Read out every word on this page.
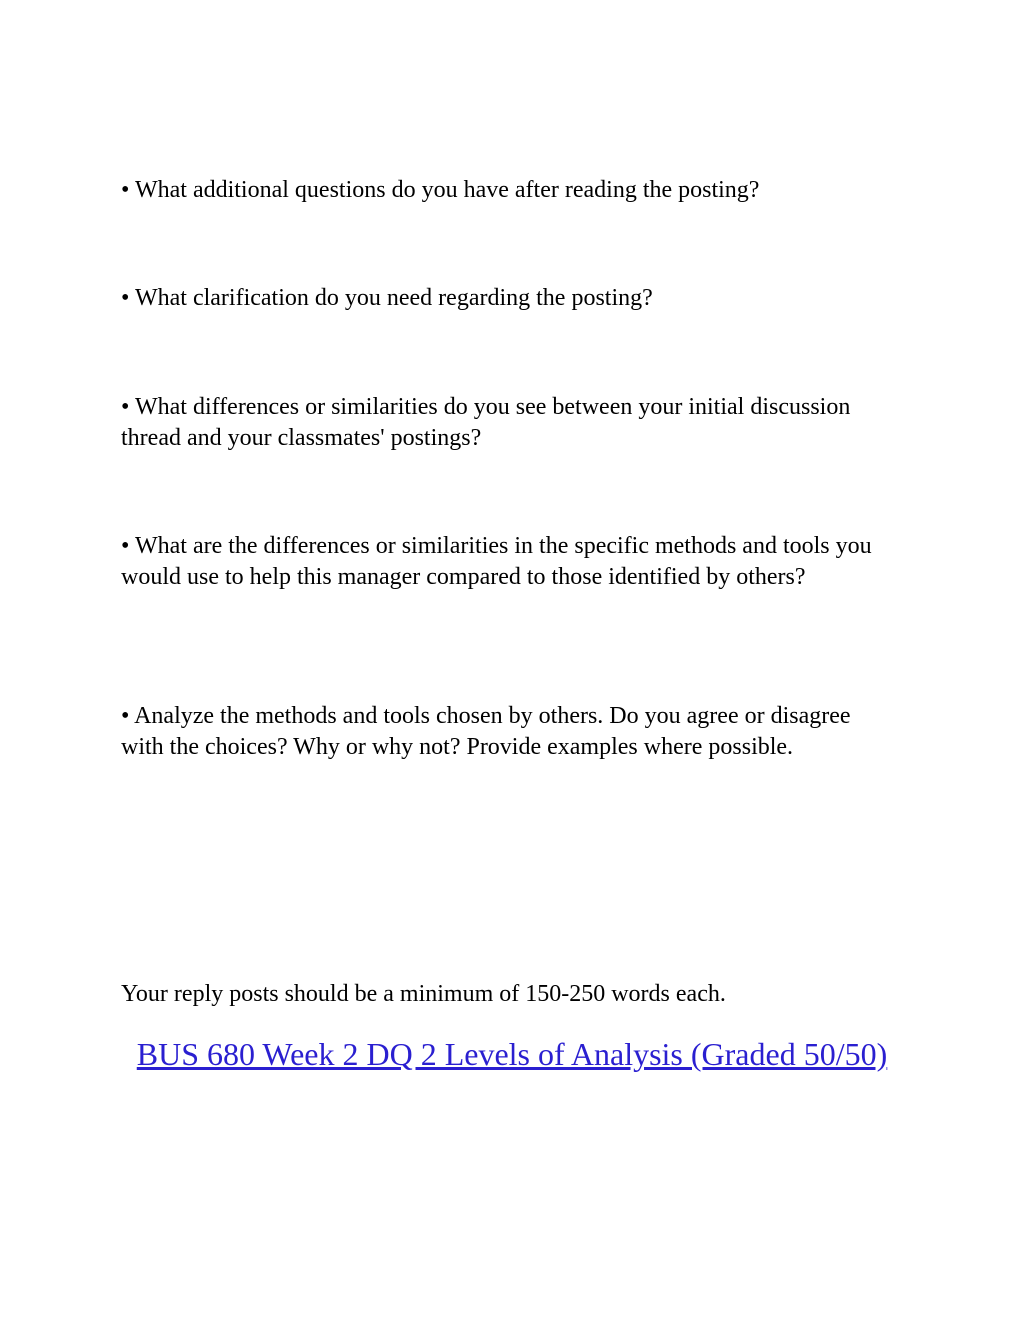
• What additional questions do you have after reading the posting?

• What clarification do you need regarding the posting?

• What differences or similarities do you see between your initial discussion thread and your classmates' postings?

• What are the differences or similarities in the specific methods and tools you would use to help this manager compared to those identified by others?

• Analyze the methods and tools chosen by others. Do you agree or disagree with the choices? Why or why not? Provide examples where possible.

Your reply posts should be a minimum of 150-250 words each.

BUS 680 Week 2 DQ 2 Levels of Analysis (Graded 50/50)
